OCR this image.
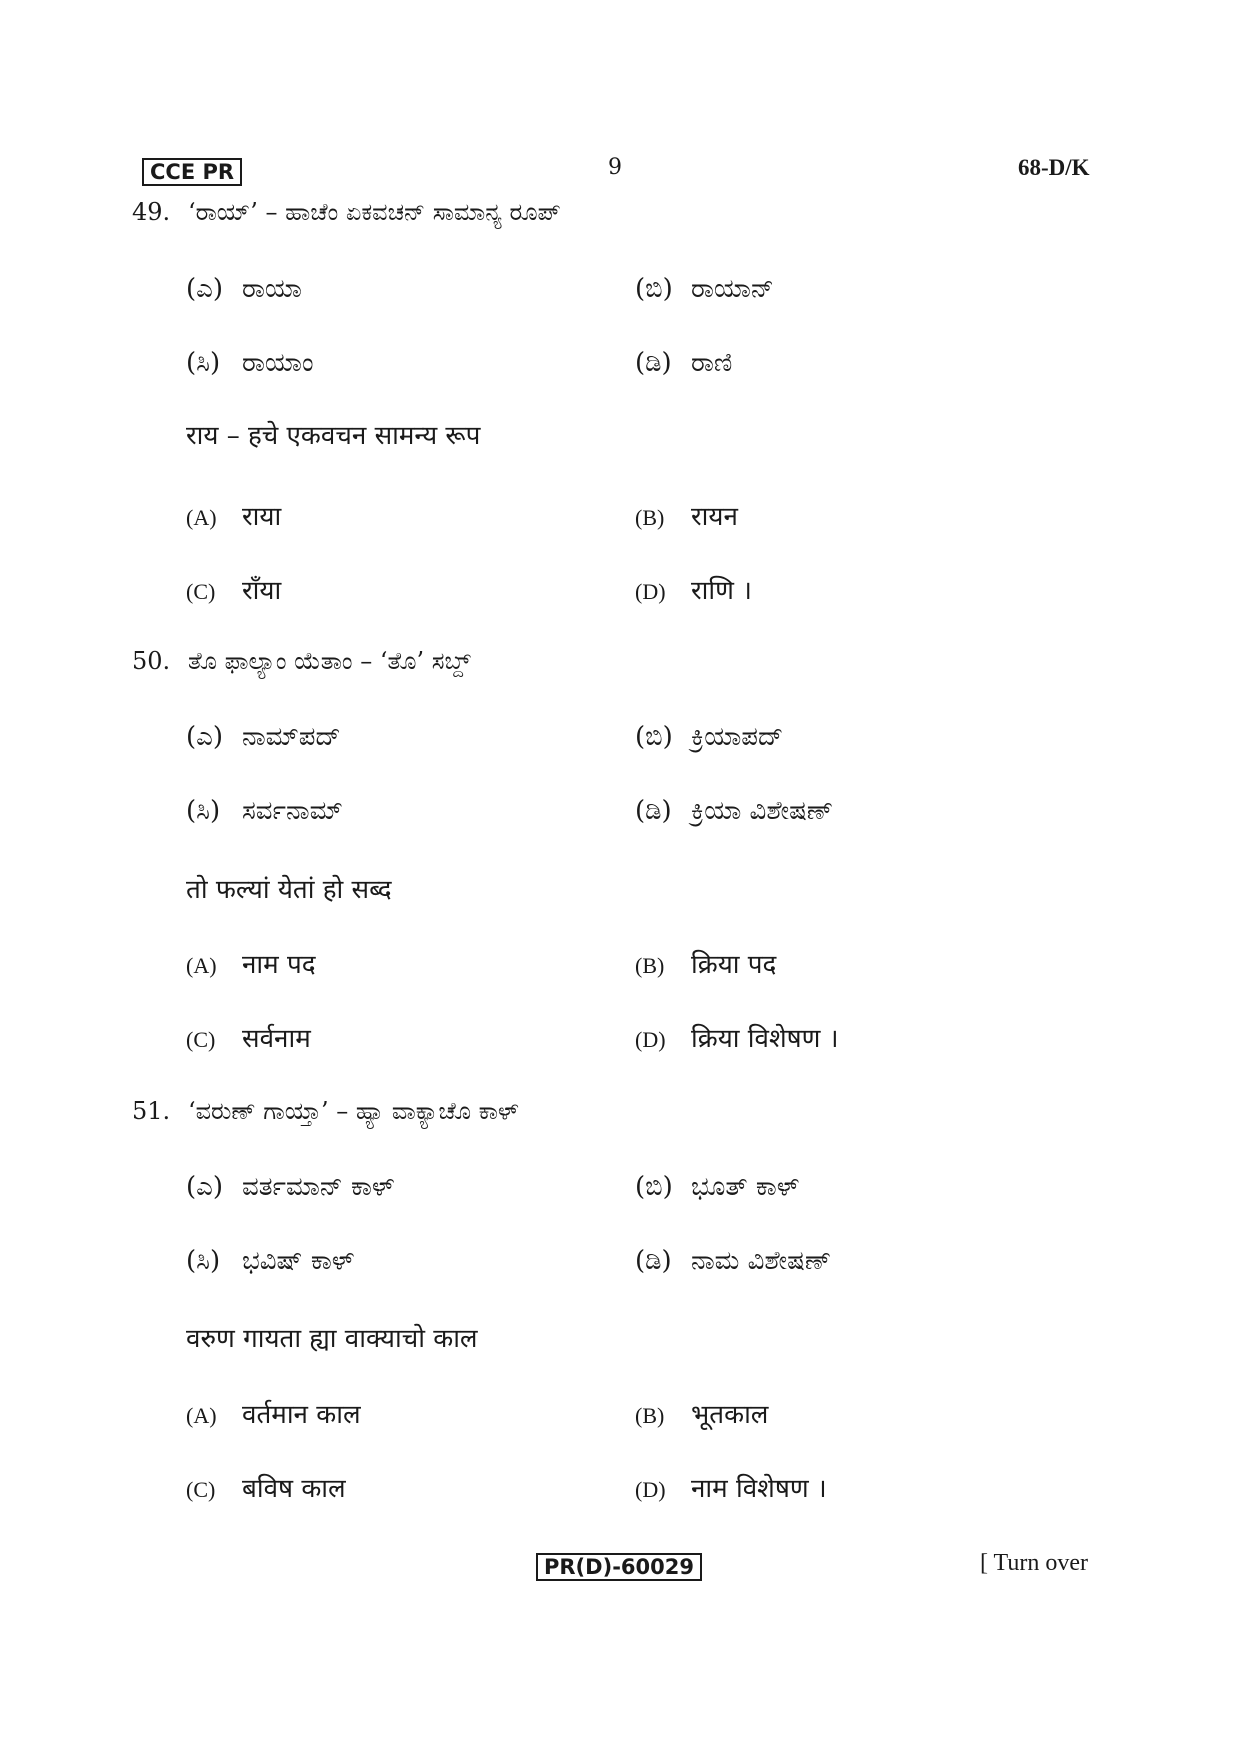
CCE PR	9	68-D/K
49. ‘ರಾಯ್’ – ಹಾಚೆಂ ಏಕವಚನ್ ಸಾಮಾನ್ಯ ರೂಪ್
(ಎ) ರಾಯಾ	(ಬಿ) ರಾಯಾನ್
(ಸಿ) ರಾಯಾಂ	(ಡಿ) ರಾಣಿ
राय – हचे एकवचन सामन्य रूप
(A) राया	(B) रायन
(C) राँया	(D) राणि ।
50. ತೊ ಫಾಲ್ಯಾಂ ಯೆತಾಂ – ‘ತೊ’ ಸಬ್ದ್
(ಎ) ನಾಮ್‌ಪದ್	(ಬಿ) ಕ್ರಿಯಾಪದ್
(ಸಿ) ಸರ್ವನಾಮ್	(ಡಿ) ಕ್ರಿಯಾ ವಿಶೇಷಣ್
तो फल्यां येतां हो सब्द
(A) नाम पद	(B) क्रिया पद
(C) सर्वनाम	(D) क्रिया विशेषण ।
51. ‘ವರುಣ್ ಗಾಯ್ತಾ’ – ಹ್ಯಾ ವಾಕ್ಯಾಚೊ ಕಾಳ್
(ಎ) ವರ್ತಮಾನ್ ಕಾಳ್	(ಬಿ) ಭೂತ್ ಕಾಳ್
(ಸಿ) ಭವಿಷ್ ಕಾಳ್	(ಡಿ) ನಾಮ ವಿಶೇಷಣ್
वरुण गायता ह्या वाक्याचो काल
(A) वर्तमान काल	(B) भूतकाल
(C) बविष काल	(D) नाम विशेषण ।
PR(D)-60029	[ Turn over
